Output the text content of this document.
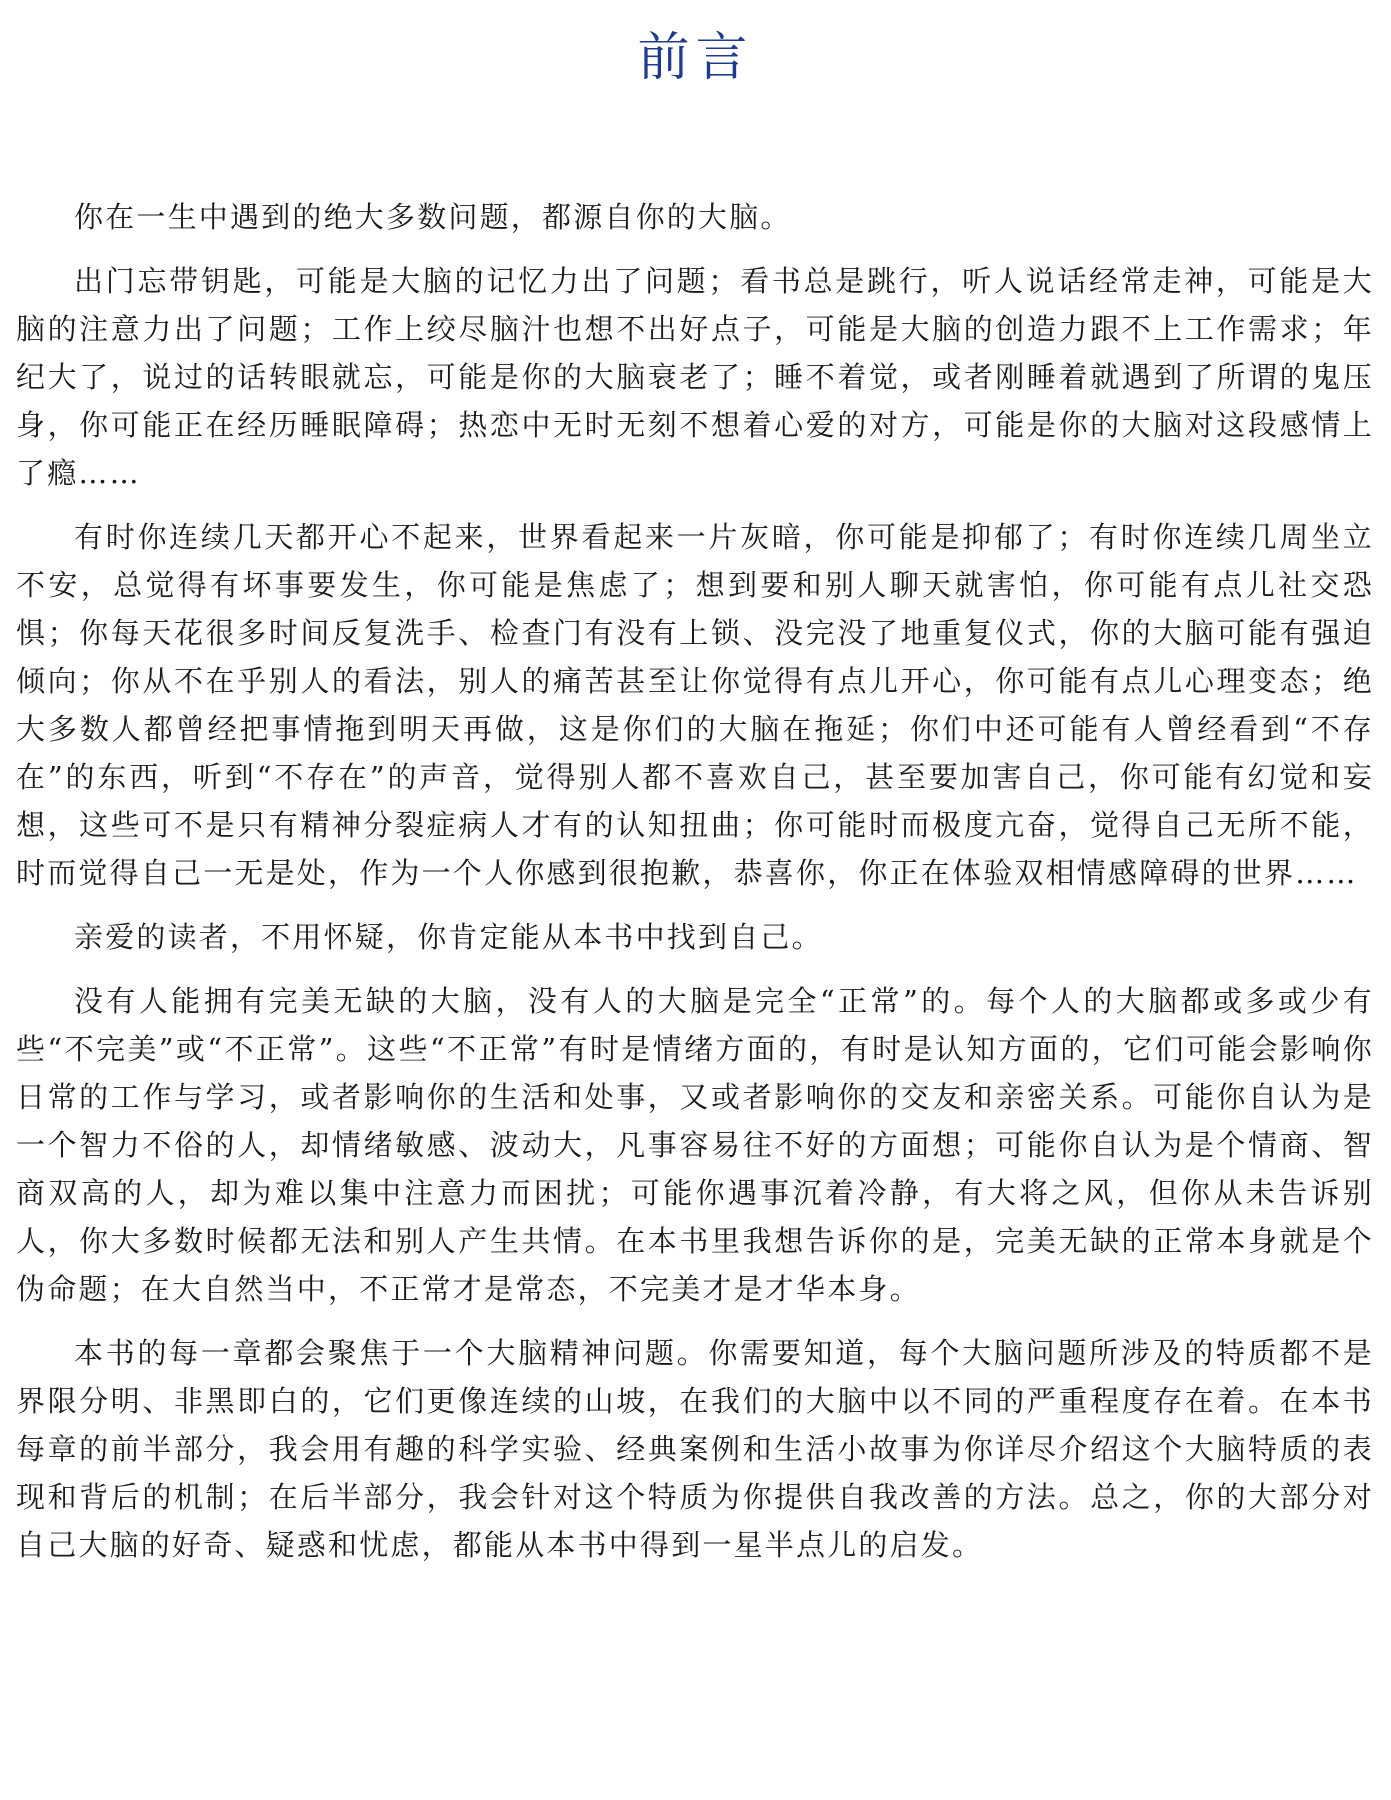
前言

你在一生中遇到的绝大多数问题，都源自你的大脑。

出门忘带钥匙，可能是大脑的记忆力出了问题；看书总是跳行，听人说话经常走神，可能是大脑的注意力出了问题；工作上绞尽脑汁也想不出好点子，可能是大脑的创造力跟不上工作需求；年纪大了，说过的话转眼就忘，可能是你的大脑衰老了；睡不着觉，或者刚睡着就遇到了所谓的鬼压身，你可能正在经历睡眠障碍；热恋中无时无刻不想着心爱的对方，可能是你的大脑对这段感情上了瘾……

有时你连续几天都开心不起来，世界看起来一片灰暗，你可能是抑郁了；有时你连续几周坐立不安，总觉得有坏事要发生，你可能是焦虑了；想到要和别人聊天就害怕，你可能有点儿社交恐惧；你每天花很多时间反复洗手、检查门有没有上锁、没完没了地重复仪式，你的大脑可能有强迫倾向；你从不在乎别人的看法，别人的痛苦甚至让你觉得有点儿开心，你可能有点儿心理变态；绝大多数人都曾经把事情拖到明天再做，这是你们的大脑在拖延；你们中还可能有人曾经看到“不存在”的东西，听到“不存在”的声音，觉得别人都不喜欢自己，甚至要加害自己，你可能有幻觉和妄想，这些可不是只有精神分裂症病人才有的认知扭曲；你可能时而极度亢奋，觉得自己无所不能，时而觉得自己一无是处，作为一个人你感到很抱歉，恭喜你，你正在体验双相情感障碍的世界……

亲爱的读者，不用怀疑，你肯定能从本书中找到自己。

没有人能拥有完美无缺的大脑，没有人的大脑是完全“正常”的。每个人的大脑都或多或少有些“不完美”或“不正常”。这些“不正常”有时是情绪方面的，有时是认知方面的，它们可能会影响你日常的工作与学习，或者影响你的生活和处事，又或者影响你的交友和亲密关系。可能你自认为是一个智力不俗的人，却情绪敏感、波动大，凡事容易往不好的方面想；可能你自认为是个情商、智商双高的人，却为难以集中注意力而困扰；可能你遇事沉着冷静，有大将之风，但你从未告诉别人，你大多数时候都无法和别人产生共情。在本书里我想告诉你的是，完美无缺的正常本身就是个伪命题；在大自然当中，不正常才是常态，不完美才是才华本身。

本书的每一章都会聚焦于一个大脑精神问题。你需要知道，每个大脑问题所涉及的特质都不是界限分明、非黑即白的，它们更像连续的山坡，在我们的大脑中以不同的严重程度存在着。在本书每章的前半部分，我会用有趣的科学实验、经典案例和生活小故事为你详尽介绍这个大脑特质的表现和背后的机制；在后半部分，我会针对这个特质为你提供自我改善的方法。总之，你的大部分对自己大脑的好奇、疑惑和忧虑，都能从本书中得到一星半点儿的启发。
